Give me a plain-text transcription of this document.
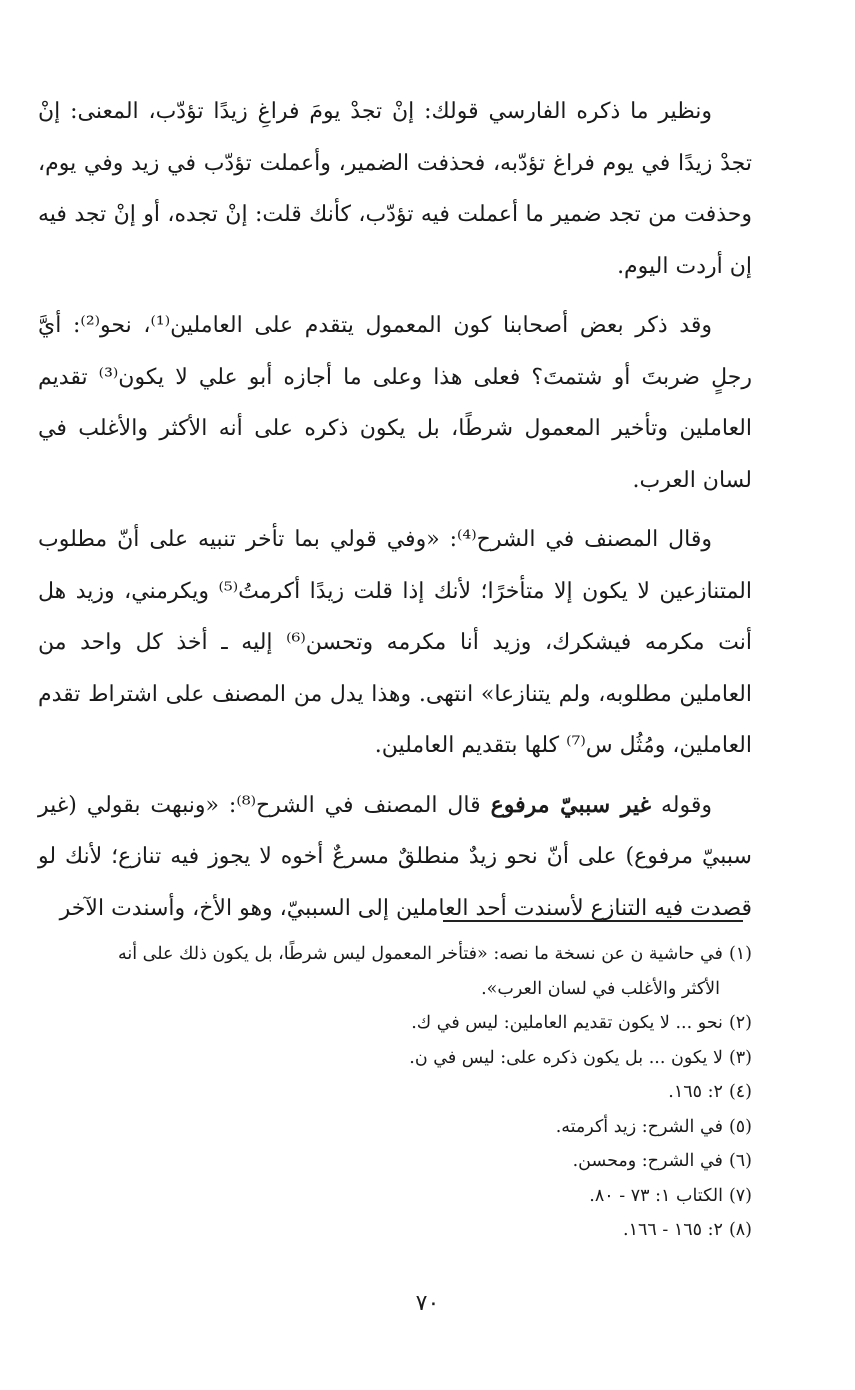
ونظير ما ذكره الفارسي قولك: إنْ تجدْ يومَ فراغِ زيدًا تؤدّب، المعنى: إنْ تجدْ زيدًا في يوم فراغ تؤدّبه، فحذفت الضمير، وأعملت تؤدّب في زيد وفي يوم، وحذفت من تجد ضمير ما أعملت فيه تؤدّب، كأنك قلت: إنْ تجده، أو إنْ تجد فيه إن أردت اليوم.

وقد ذكر بعض أصحابنا كون المعمول يتقدم على العاملين⁽¹⁾، نحو⁽²⁾: أيَّ رجلٍ ضربتَ أو شتمتَ؟ فعلى هذا وعلى ما أجازه أبو علي لا يكون⁽³⁾ تقديم العاملين وتأخير المعمول شرطًا، بل يكون ذكره على أنه الأكثر والأغلب في لسان العرب.

وقال المصنف في الشرح⁽⁴⁾: «وفي قولي بما تأخر تنبيه على أنّ مطلوب المتنازعين لا يكون إلا متأخرًا؛ لأنك إذا قلت زيدًا أكرمتُ⁽⁵⁾ ويكرمني، وزيد هل أنت مكرمه فيشكرك، وزيد أنا مكرمه وتحسن⁽⁶⁾ إليه ـ أخذ كل واحد من العاملين مطلوبه، ولم يتنازعا» انتهى. وهذا يدل من المصنف على اشتراط تقدم العاملين، ومُثُل س⁽⁷⁾ كلها بتقديم العاملين.

وقوله غير سببيّ مرفوع قال المصنف في الشرح⁽⁸⁾: «ونبهت بقولي (غير سببيّ مرفوع) على أنّ نحو زيدٌ منطلقٌ مسرعٌ أخوه لا يجوز فيه تنازع؛ لأنك لو قصدت فيه التنازع لأسندت أحد العاملين إلى السببيّ، وهو الأخ، وأسندت الآخر

(١)في حاشية ن عن نسخة ما نصه: «فتأخر المعمول ليس شرطًا، بل يكون ذلك على أنه
الأكثر والأغلب في لسان العرب».

(٢)نحو ... لا يكون تقديم العاملين: ليس في ك.

(٣)لا يكون ... بل يكون ذكره على: ليس في ن.

(٤)٢: ١٦٥.

(٥)في الشرح: زيد أكرمته.

(٦)في الشرح: ومحسن.

(٧)الكتاب ١: ٧٣ - ٨٠.

(٨)٢: ١٦٥ - ١٦٦.

٧٠
